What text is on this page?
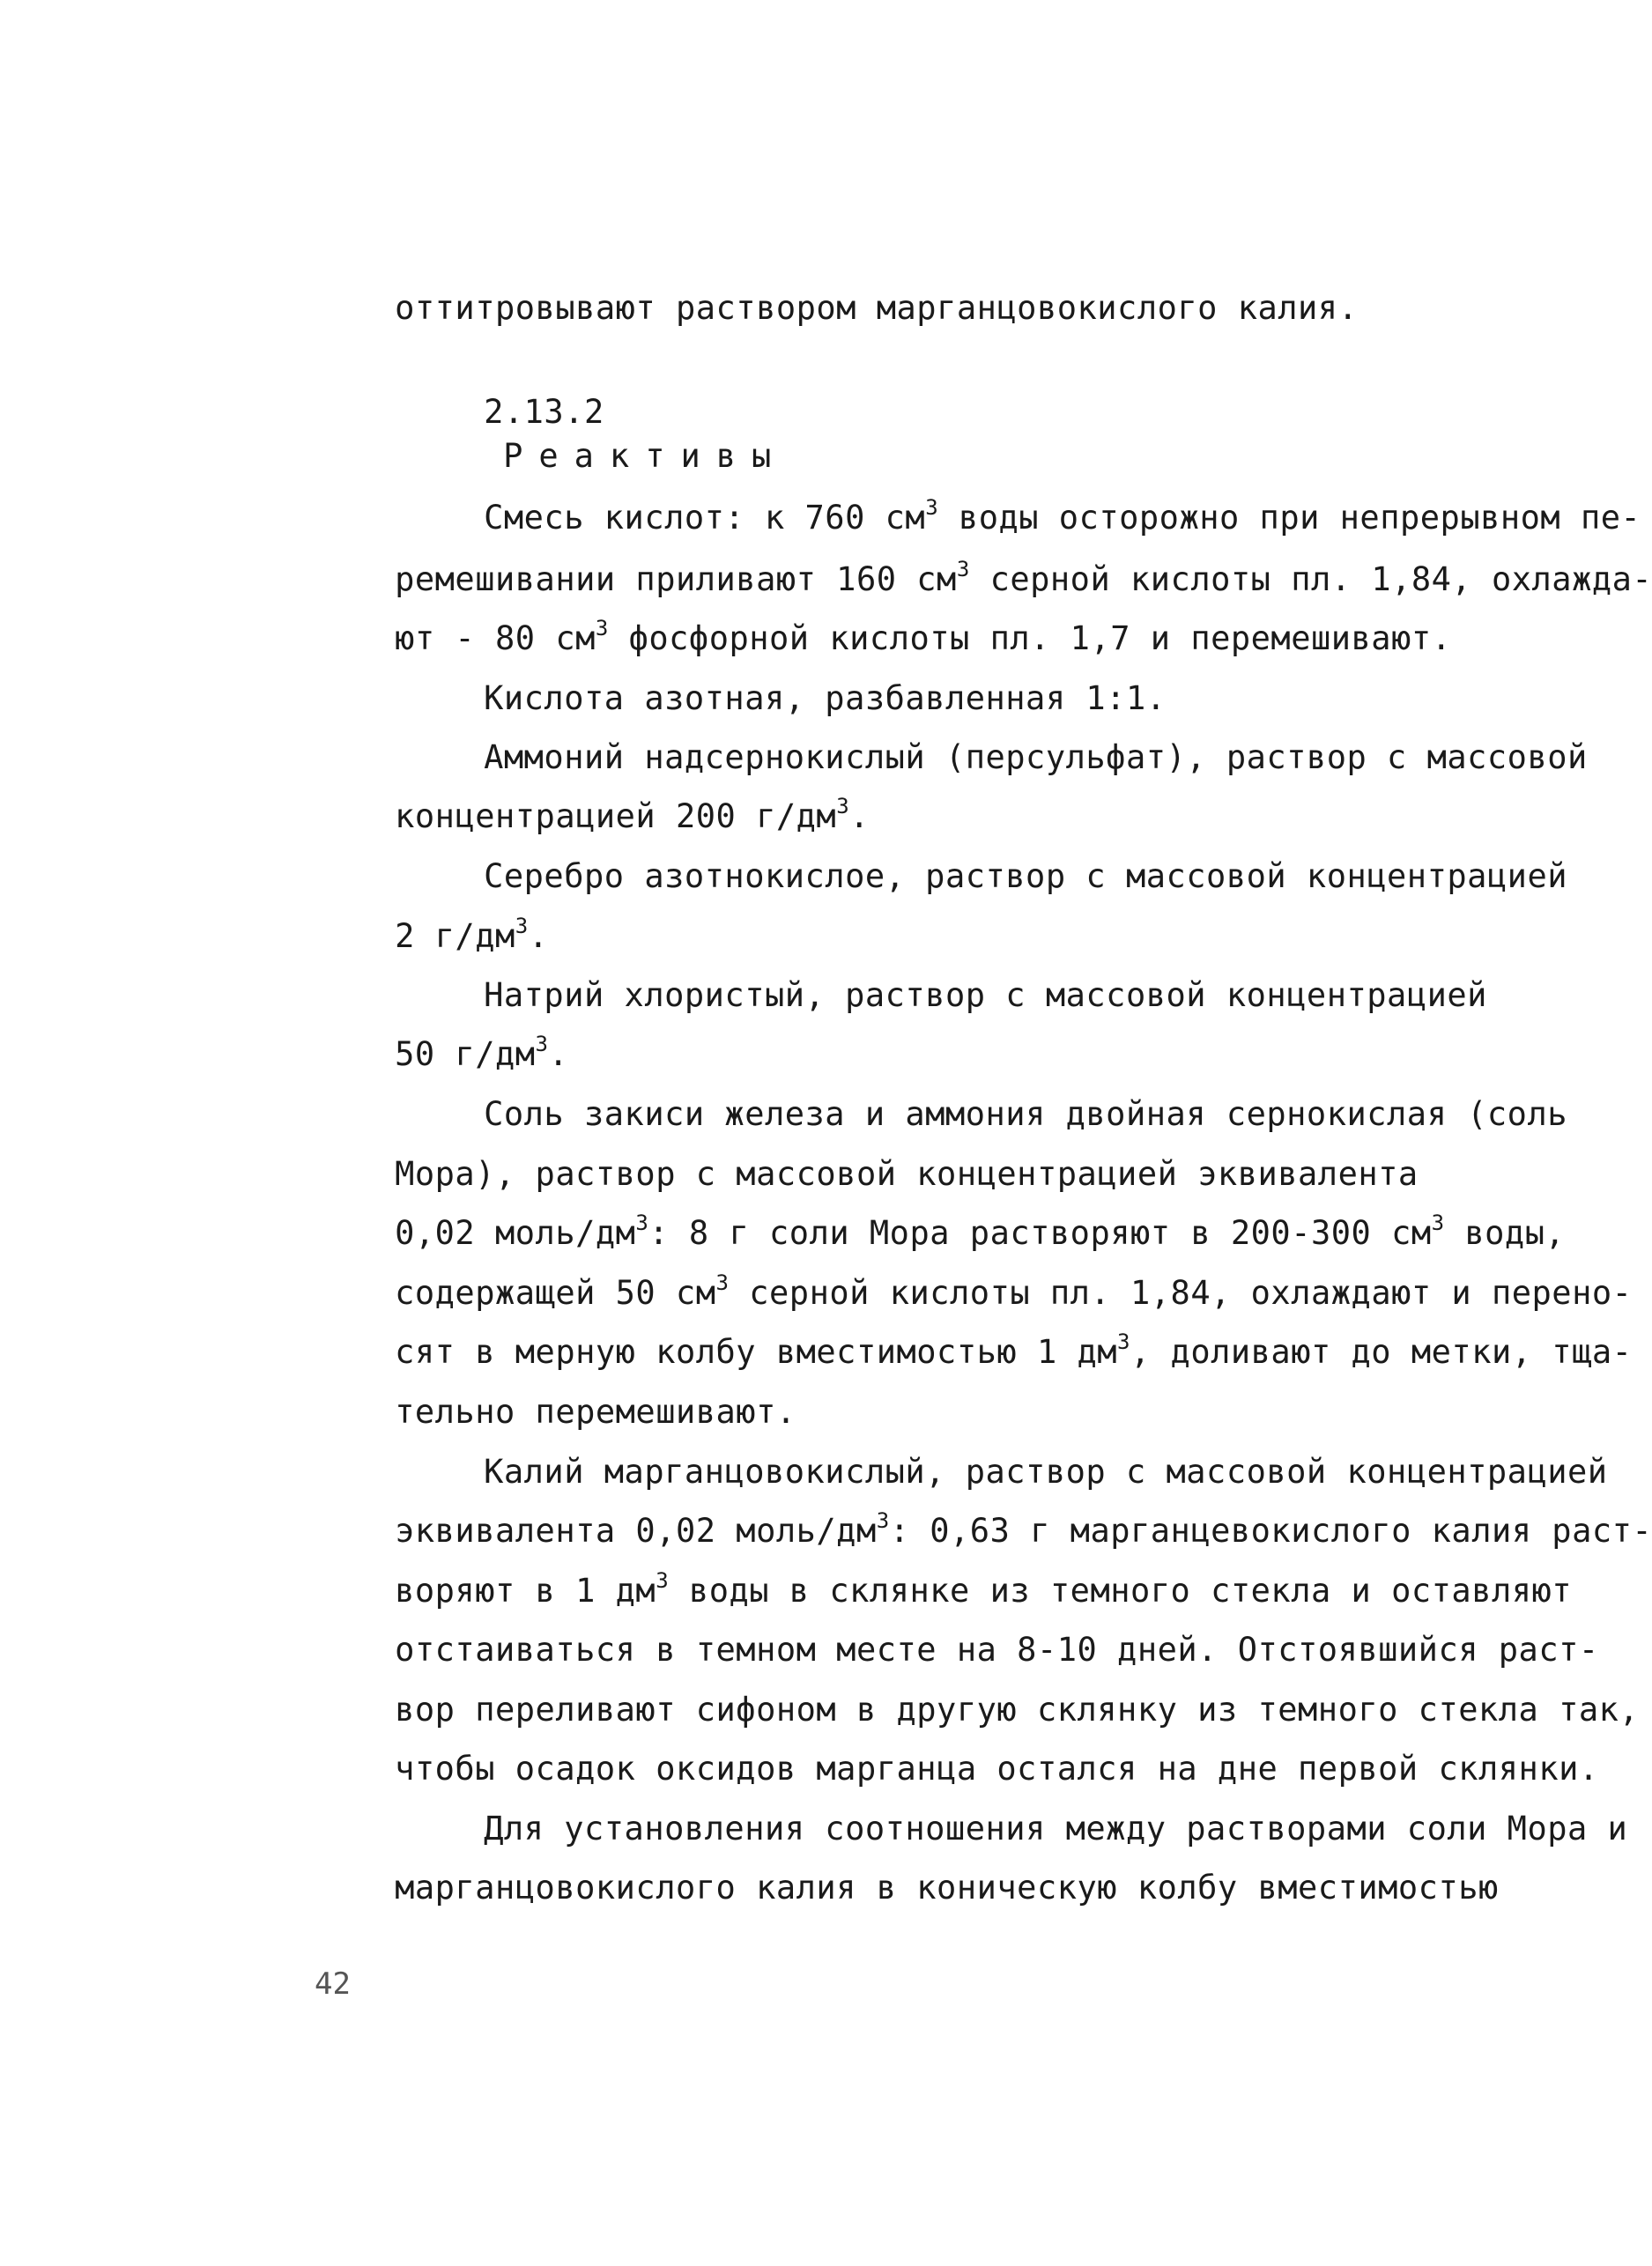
оттитровывают раствором марганцовокислого калия.

2.13.2
Реактивы

Смесь кислот: к 760 $см^3$ воды осторожно при непрерывном пе-

ремешивании приливают 160 $см^3$ серной кислоты пл. 1,84, охлажда-

ют - 80 $см^3$ фосфорной кислоты пл. 1,7 и перемешивают.

Кислота азотная, разбавленная 1:1.

Аммоний надсернокислый (персульфат), раствор с массовой

концентрацией 200 $г/дм^3$.

Серебро азотнокислое, раствор с массовой концентрацией

2 $г/дм^3$.

Натрий хлористый, раствор с массовой концентрацией

50 $г/дм^3$.

Соль закиси железа и аммония двойная сернокислая (соль

Мора), раствор с массовой концентрацией эквивалента

0,02 моль/$дм^3$: 8 г соли Мора растворяют в 200-300 $см^3$ воды,

содержащей 50 $см^3$ серной кислоты пл. 1,84, охлаждают и перено-

сят в мерную колбу вместимостью 1 $дм^3$, доливают до метки, тща-

тельно перемешивают.

Калий марганцовокислый, раствор с массовой концентрацией

эквивалента 0,02 моль/$дм^3$: 0,63 г марганцевокислого калия раст-

воряют в 1 $дм^3$ воды в склянке из темного стекла и оставляют

отстаиваться в темном месте на 8-10 дней. Отстоявшийся раст-

вор переливают сифоном в другую склянку из темного стекла так,

чтобы осадок оксидов марганца остался на дне первой склянки.

Для установления соотношения между растворами соли Мора и

марганцовокислого калия в коническую колбу вместимостью

42
